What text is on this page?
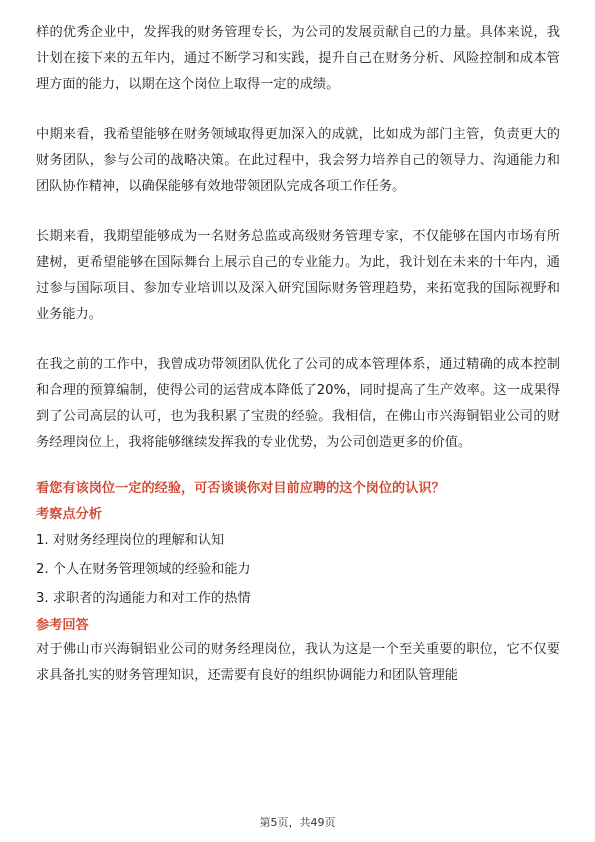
样的优秀企业中，发挥我的财务管理专长，为公司的发展贡献自己的力量。具体来说，我计划在接下来的五年内，通过不断学习和实践，提升自己在财务分析、风险控制和成本管理方面的能力，以期在这个岗位上取得一定的成绩。

中期来看，我希望能够在财务领域取得更加深入的成就，比如成为部门主管，负责更大的财务团队，参与公司的战略决策。在此过程中，我会努力培养自己的领导力、沟通能力和团队协作精神，以确保能够有效地带领团队完成各项工作任务。

长期来看，我期望能够成为一名财务总监或高级财务管理专家，不仅能够在国内市场有所建树，更希望能够在国际舞台上展示自己的专业能力。为此，我计划在未来的十年内，通过参与国际项目、参加专业培训以及深入研究国际财务管理趋势，来拓宽我的国际视野和业务能力。

在我之前的工作中，我曾成功带领团队优化了公司的成本管理体系，通过精确的成本控制和合理的预算编制，使得公司的运营成本降低了20%，同时提高了生产效率。这一成果得到了公司高层的认可，也为我积累了宝贵的经验。我相信，在佛山市兴海铜铝业公司的财务经理岗位上，我将能够继续发挥我的专业优势，为公司创造更多的价值。

看您有该岗位一定的经验，可否谈谈你对目前应聘的这个岗位的认识？

考察点分析

1. 对财务经理岗位的理解和认知
2. 个人在财务管理领域的经验和能力
3. 求职者的沟通能力和对工作的热情

参考回答

对于佛山市兴海铜铝业公司的财务经理岗位，我认为这是一个至关重要的职位，它不仅要求具备扎实的财务管理知识，还需要有良好的组织协调能力和团队管理能

第5页，共49页
